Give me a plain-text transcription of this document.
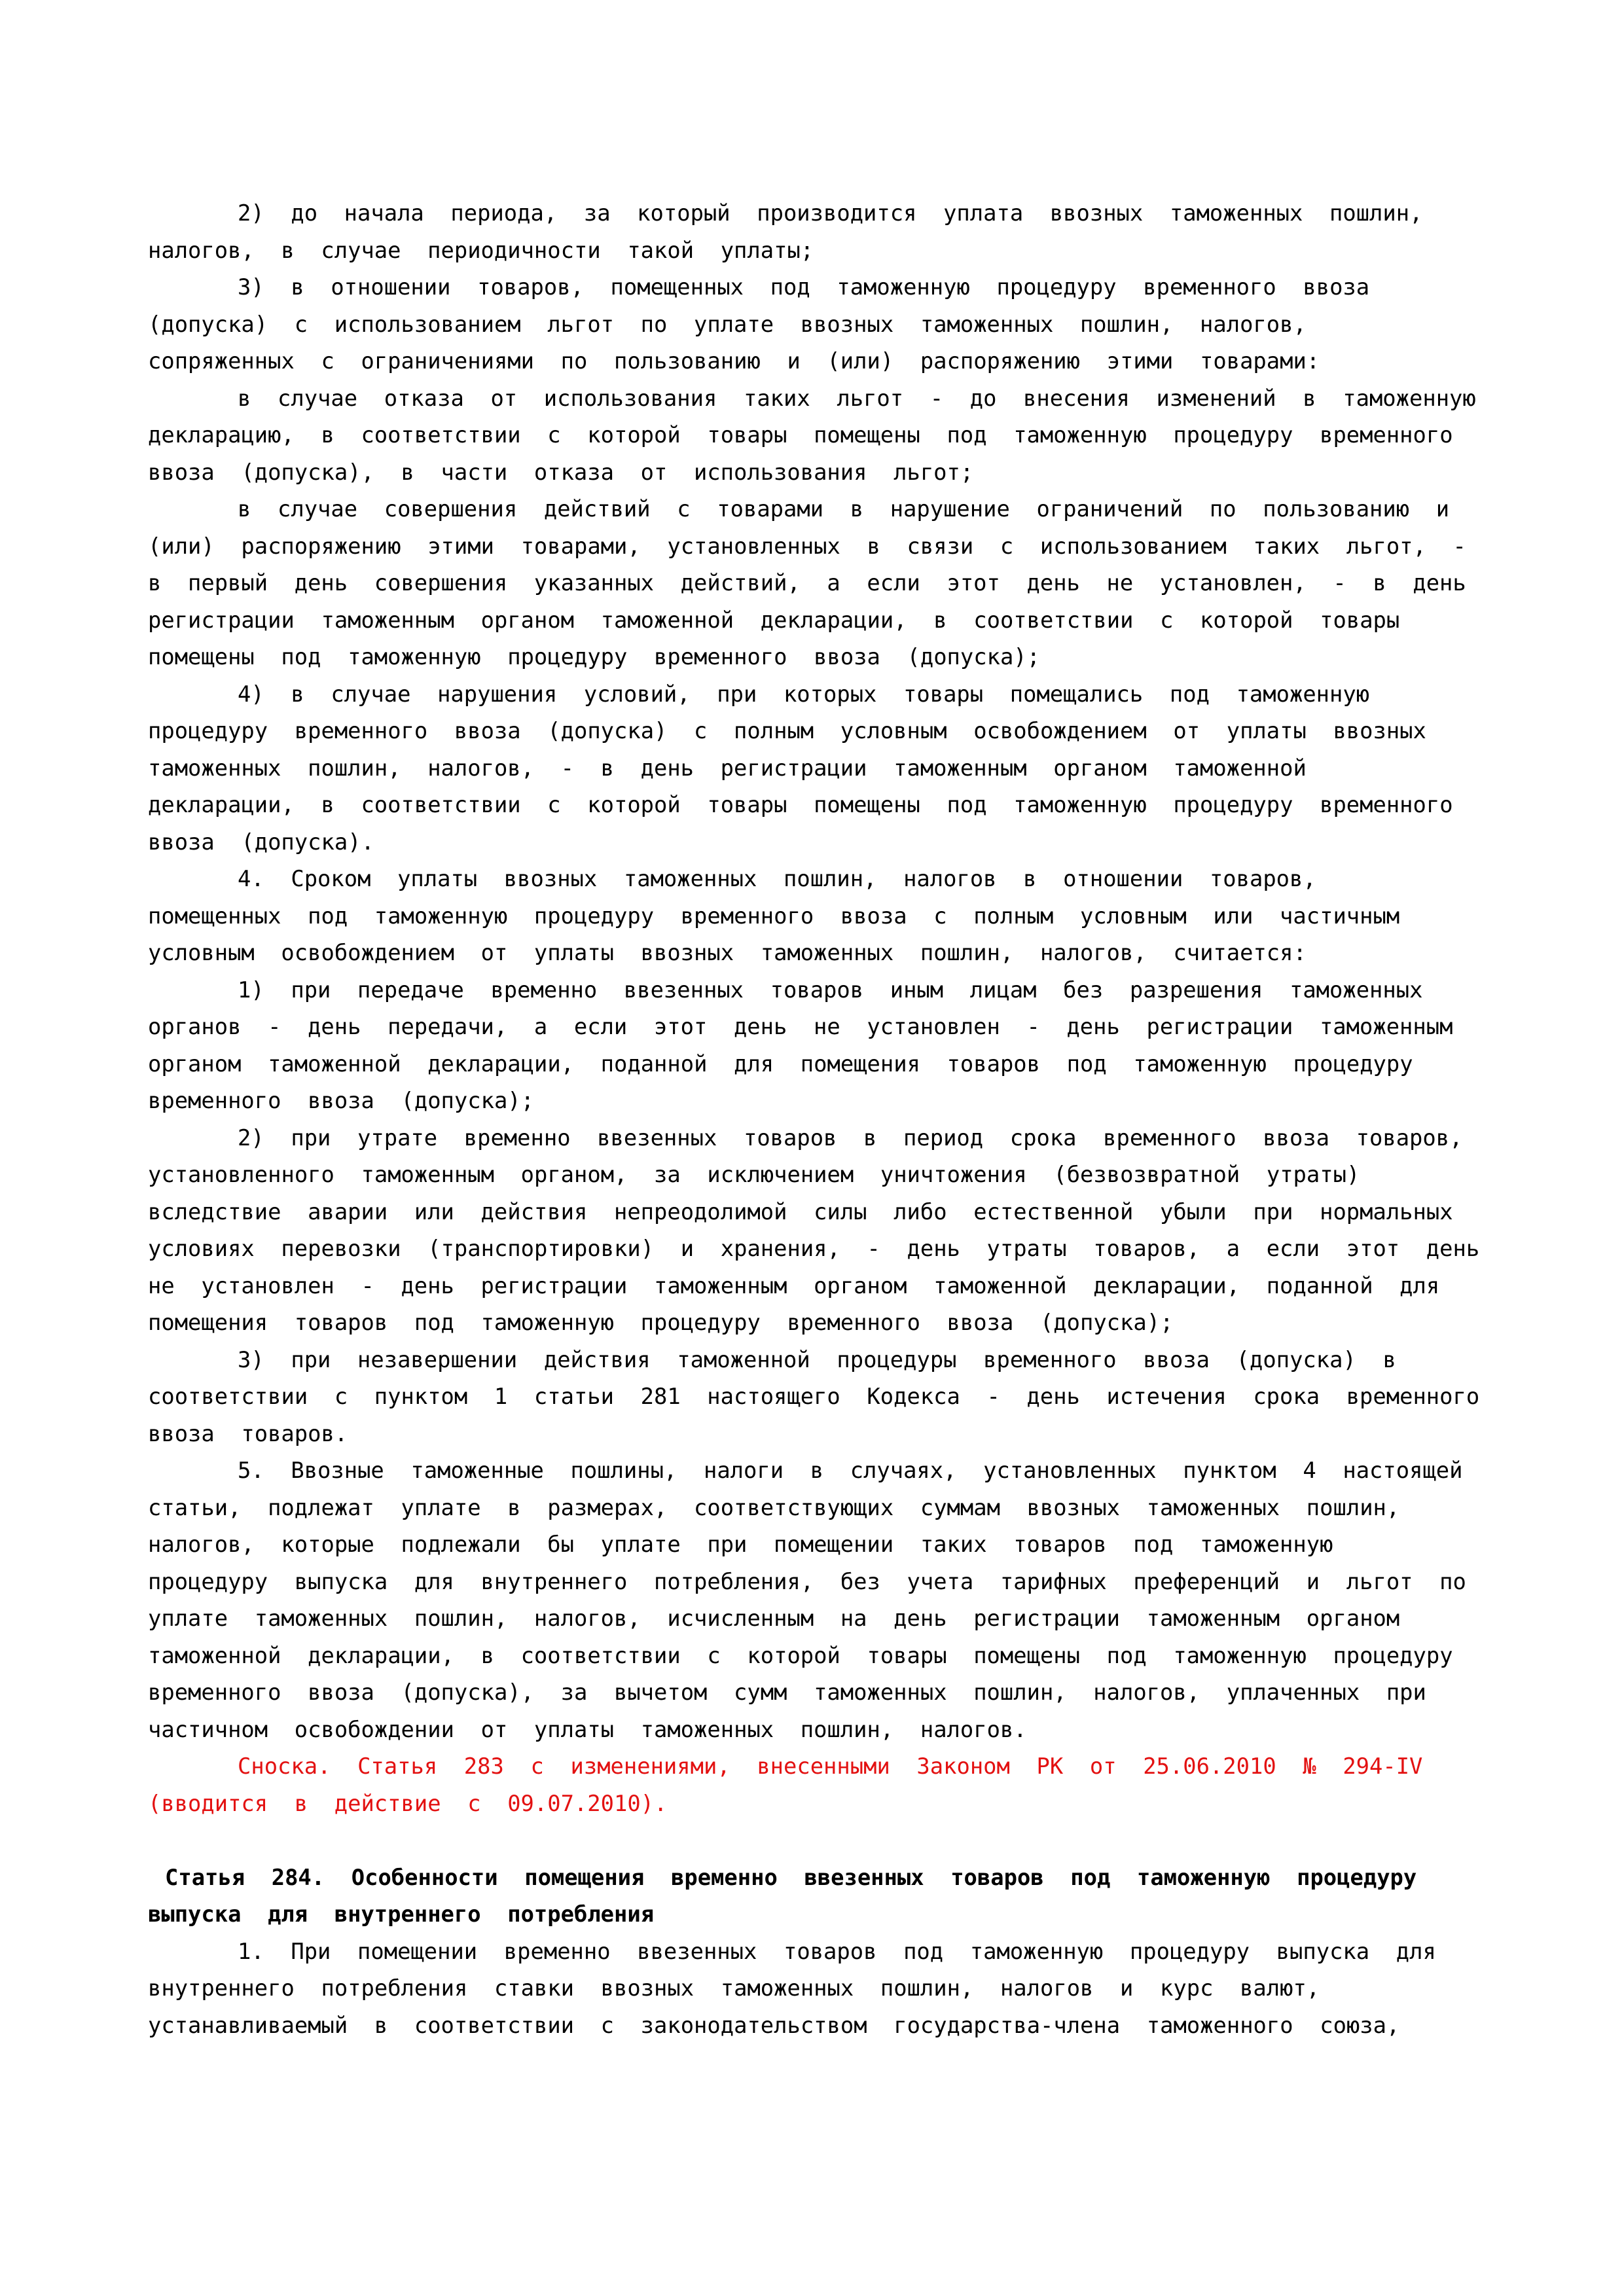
2) до начала периода, за который производится уплата ввозных таможенных пошлин,
налогов, в случае периодичности такой уплаты;
3) в отношении товаров, помещенных под таможенную процедуру временного ввоза
(допуска) с использованием льгот по уплате ввозных таможенных пошлин, налогов,
сопряженных с ограничениями по пользованию и (или) распоряжению этими товарами:
в случае отказа от использования таких льгот - до внесения изменений в таможенную
декларацию, в соответствии с которой товары помещены под таможенную процедуру временного
ввоза (допуска), в части отказа от использования льгот;
в случае совершения действий с товарами в нарушение ограничений по пользованию и
(или) распоряжению этими товарами, установленных в связи с использованием таких льгот, -
в первый день совершения указанных действий, а если этот день не установлен, - в день
регистрации таможенным органом таможенной декларации, в соответствии с которой товары
помещены под таможенную процедуру временного ввоза (допуска);
4) в случае нарушения условий, при которых товары помещались под таможенную
процедуру временного ввоза (допуска) с полным условным освобождением от уплаты ввозных
таможенных пошлин, налогов, - в день регистрации таможенным органом таможенной
декларации, в соответствии с которой товары помещены под таможенную процедуру временного
ввоза (допуска).
4. Сроком уплаты ввозных таможенных пошлин, налогов в отношении товаров,
помещенных под таможенную процедуру временного ввоза с полным условным или частичным
условным освобождением от уплаты ввозных таможенных пошлин, налогов, считается:
1) при передаче временно ввезенных товаров иным лицам без разрешения таможенных
органов - день передачи, а если этот день не установлен - день регистрации таможенным
органом таможенной декларации, поданной для помещения товаров под таможенную процедуру
временного ввоза (допуска);
2) при утрате временно ввезенных товаров в период срока временного ввоза товаров,
установленного таможенным органом, за исключением уничтожения (безвозвратной утраты)
вследствие аварии или действия непреодолимой силы либо естественной убыли при нормальных
условиях перевозки (транспортировки) и хранения, - день утраты товаров, а если этот день
не установлен - день регистрации таможенным органом таможенной декларации, поданной для
помещения товаров под таможенную процедуру временного ввоза (допуска);
3) при незавершении действия таможенной процедуры временного ввоза (допуска) в
соответствии с пунктом 1 статьи 281 настоящего Кодекса - день истечения срока временного
ввоза товаров.
5. Ввозные таможенные пошлины, налоги в случаях, установленных пунктом 4 настоящей
статьи, подлежат уплате в размерах, соответствующих суммам ввозных таможенных пошлин,
налогов, которые подлежали бы уплате при помещении таких товаров под таможенную
процедуру выпуска для внутреннего потребления, без учета тарифных преференций и льгот по
уплате таможенных пошлин, налогов, исчисленным на день регистрации таможенным органом
таможенной декларации, в соответствии с которой товары помещены под таможенную процедуру
временного ввоза (допуска), за вычетом сумм таможенных пошлин, налогов, уплаченных при
частичном освобождении от уплаты таможенных пошлин, налогов.
Сноска. Статья 283 с изменениями, внесенными Законом РК от 25.06.2010 № 294-IV
(вводится в действие с 09.07.2010).
Статья 284. Особенности помещения временно ввезенных товаров под таможенную процедуру
выпуска для внутреннего потребления
1. При помещении временно ввезенных товаров под таможенную процедуру выпуска для
внутреннего потребления ставки ввозных таможенных пошлин, налогов и курс валют,
устанавливаемый в соответствии с законодательством государства-члена таможенного союза,
